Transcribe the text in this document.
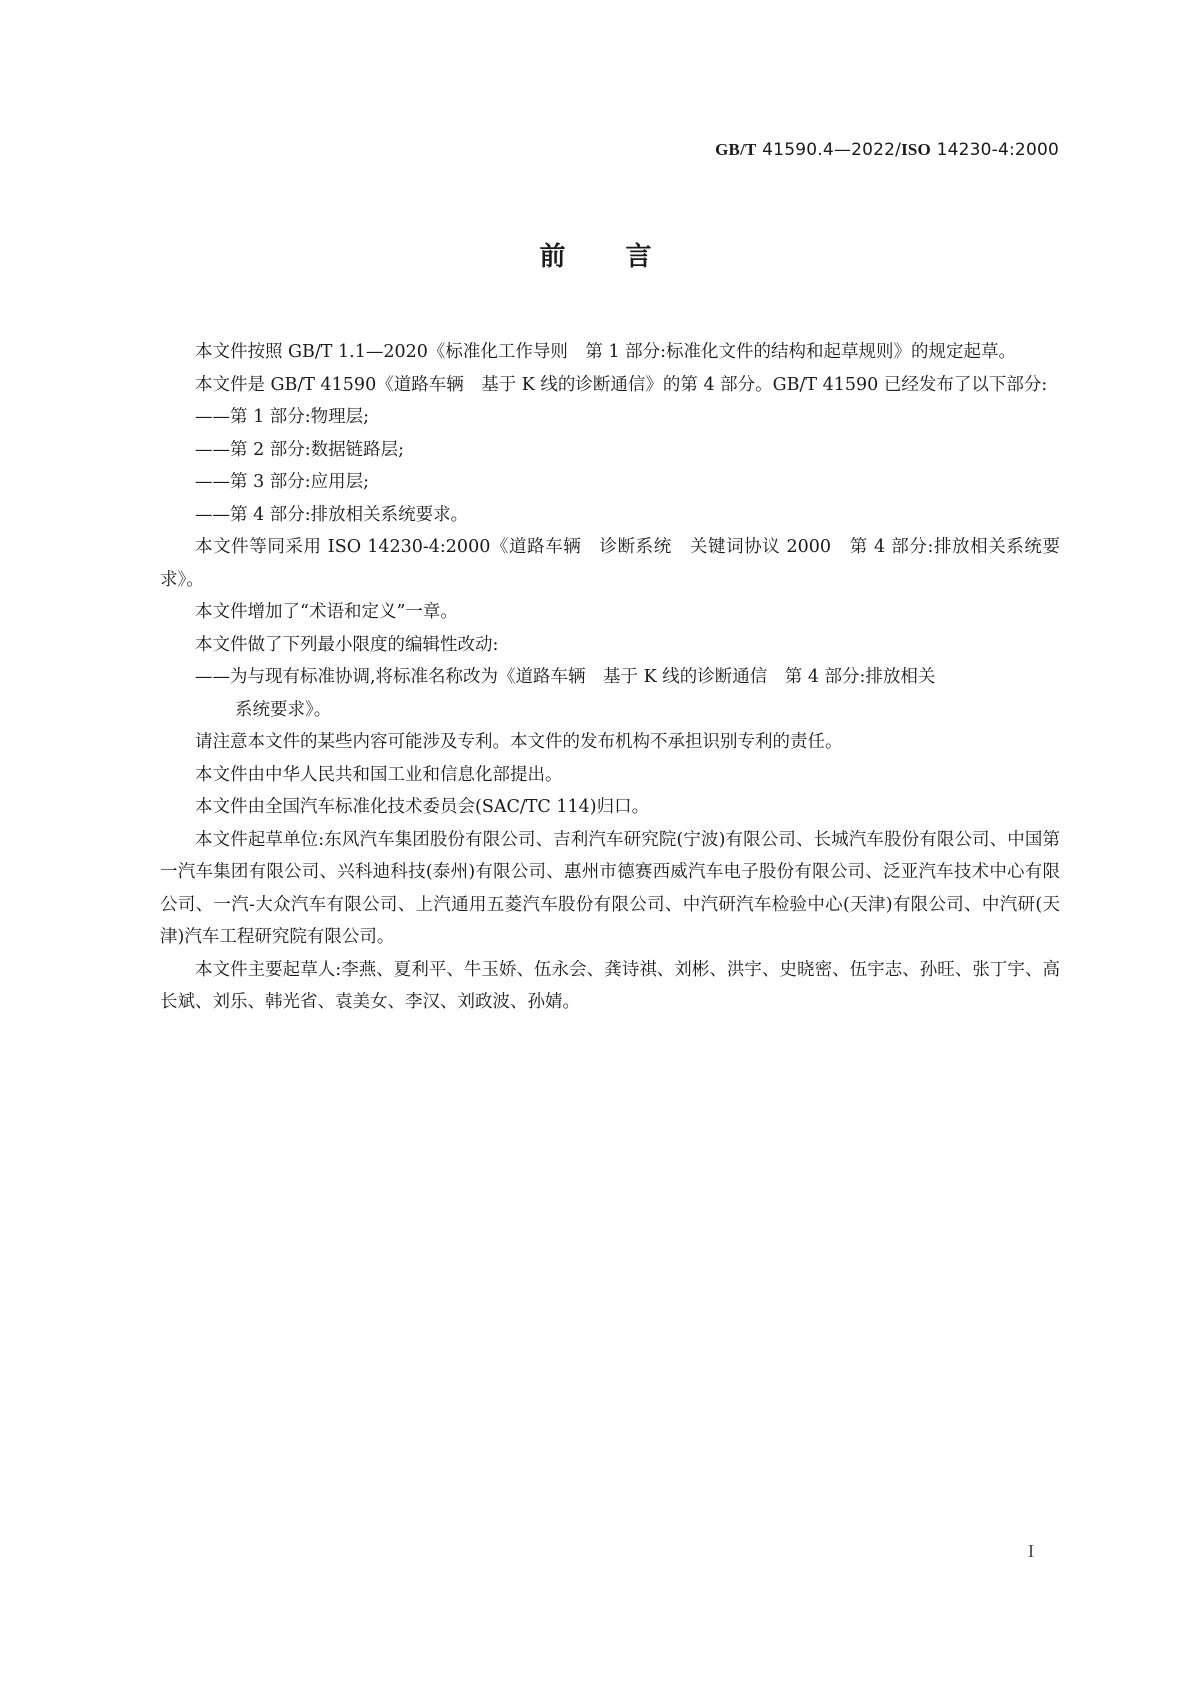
GB/T 41590.4—2022/ISO 14230-4:2000
前言

本文件按照 GB/T 1.1—2020《标准化工作导则　第 1 部分:标准化文件的结构和起草规则》的规定起草。

本文件是 GB/T 41590《道路车辆　基于 K 线的诊断通信》的第 4 部分。GB/T 41590 已经发布了以下部分:

——第 1 部分:物理层;

——第 2 部分:数据链路层;

——第 3 部分:应用层;

——第 4 部分:排放相关系统要求。

本文件等同采用 ISO 14230-4:2000《道路车辆　诊断系统　关键词协议 2000　第 4 部分:排放相关系统要求》。

本文件增加了“术语和定义”一章。

本文件做了下列最小限度的编辑性改动:

——为与现有标准协调,将标准名称改为《道路车辆　基于 K 线的诊断通信　第 4 部分:排放相关
系统要求》。

请注意本文件的某些内容可能涉及专利。本文件的发布机构不承担识别专利的责任。

本文件由中华人民共和国工业和信息化部提出。

本文件由全国汽车标准化技术委员会(SAC/TC 114)归口。

本文件起草单位:东风汽车集团股份有限公司、吉利汽车研究院(宁波)有限公司、长城汽车股份有限公司、中国第一汽车集团有限公司、兴科迪科技(泰州)有限公司、惠州市德赛西威汽车电子股份有限公司、泛亚汽车技术中心有限公司、一汽-大众汽车有限公司、上汽通用五菱汽车股份有限公司、中汽研汽车检验中心(天津)有限公司、中汽研(天津)汽车工程研究院有限公司。

本文件主要起草人:李燕、夏利平、牛玉娇、伍永会、龚诗祺、刘彬、洪宇、史晓密、伍宇志、孙旺、张丁宇、高长斌、刘乐、韩光省、袁美女、李汉、刘政波、孙婧。

I
